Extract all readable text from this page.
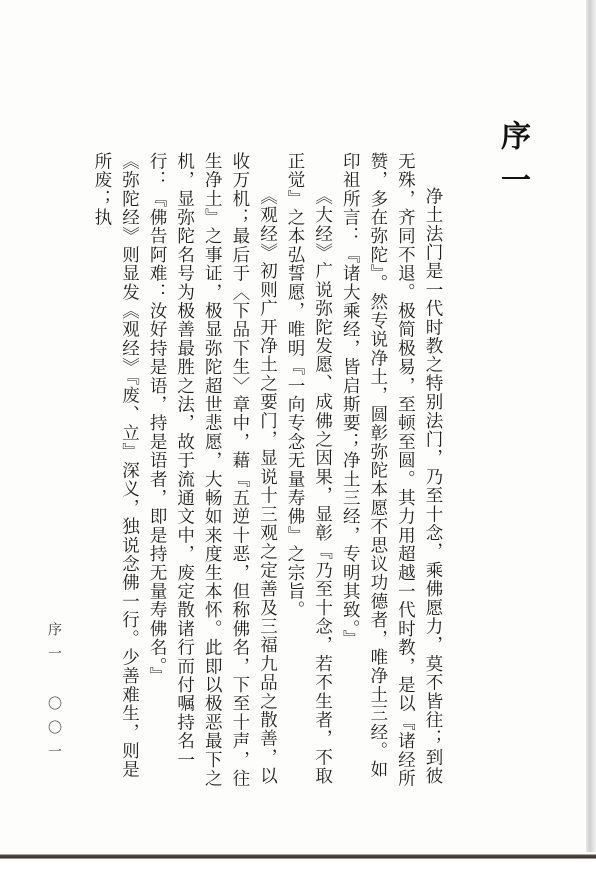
序一

净土法门是一代时教之特别法门，乃至十念，乘佛愿力，莫不皆往；到彼无殊，齐同不退。极简极易，至顿至圆。其力用超越一代时教，是以『诸经所赞，多在弥陀』。然专说净土，圆彰弥陀本愿不思议功德者，唯净土三经。如印祖所言：『诸大乘经，皆启斯要；净土三经，专明其致。』

《大经》广说弥陀发愿、成佛之因果，显彰『乃至十念，若不生者，不取正觉』之本弘誓愿，唯明『一向专念无量寿佛』之宗旨。

《观经》初则广开净土之要门，显说十三观之定善及三福九品之散善，以收万机；最后于〈下品下生〉章中，藉『五逆十恶，但称佛名，下至十声，往生净土』之事证，极显弥陀超世悲愿，大畅如来度生本怀。此即以极恶最下之机，显弥陀名号为极善最胜之法，故于流通文中，废定散诸行而付嘱持名一行：『佛告阿难：汝好持是语，持是语者，即是持无量寿佛名。』

《弥陀经》则显发《观经》『废、立』深义，独说念佛一行。少善难生，则是所废；执

序一 〇〇一
